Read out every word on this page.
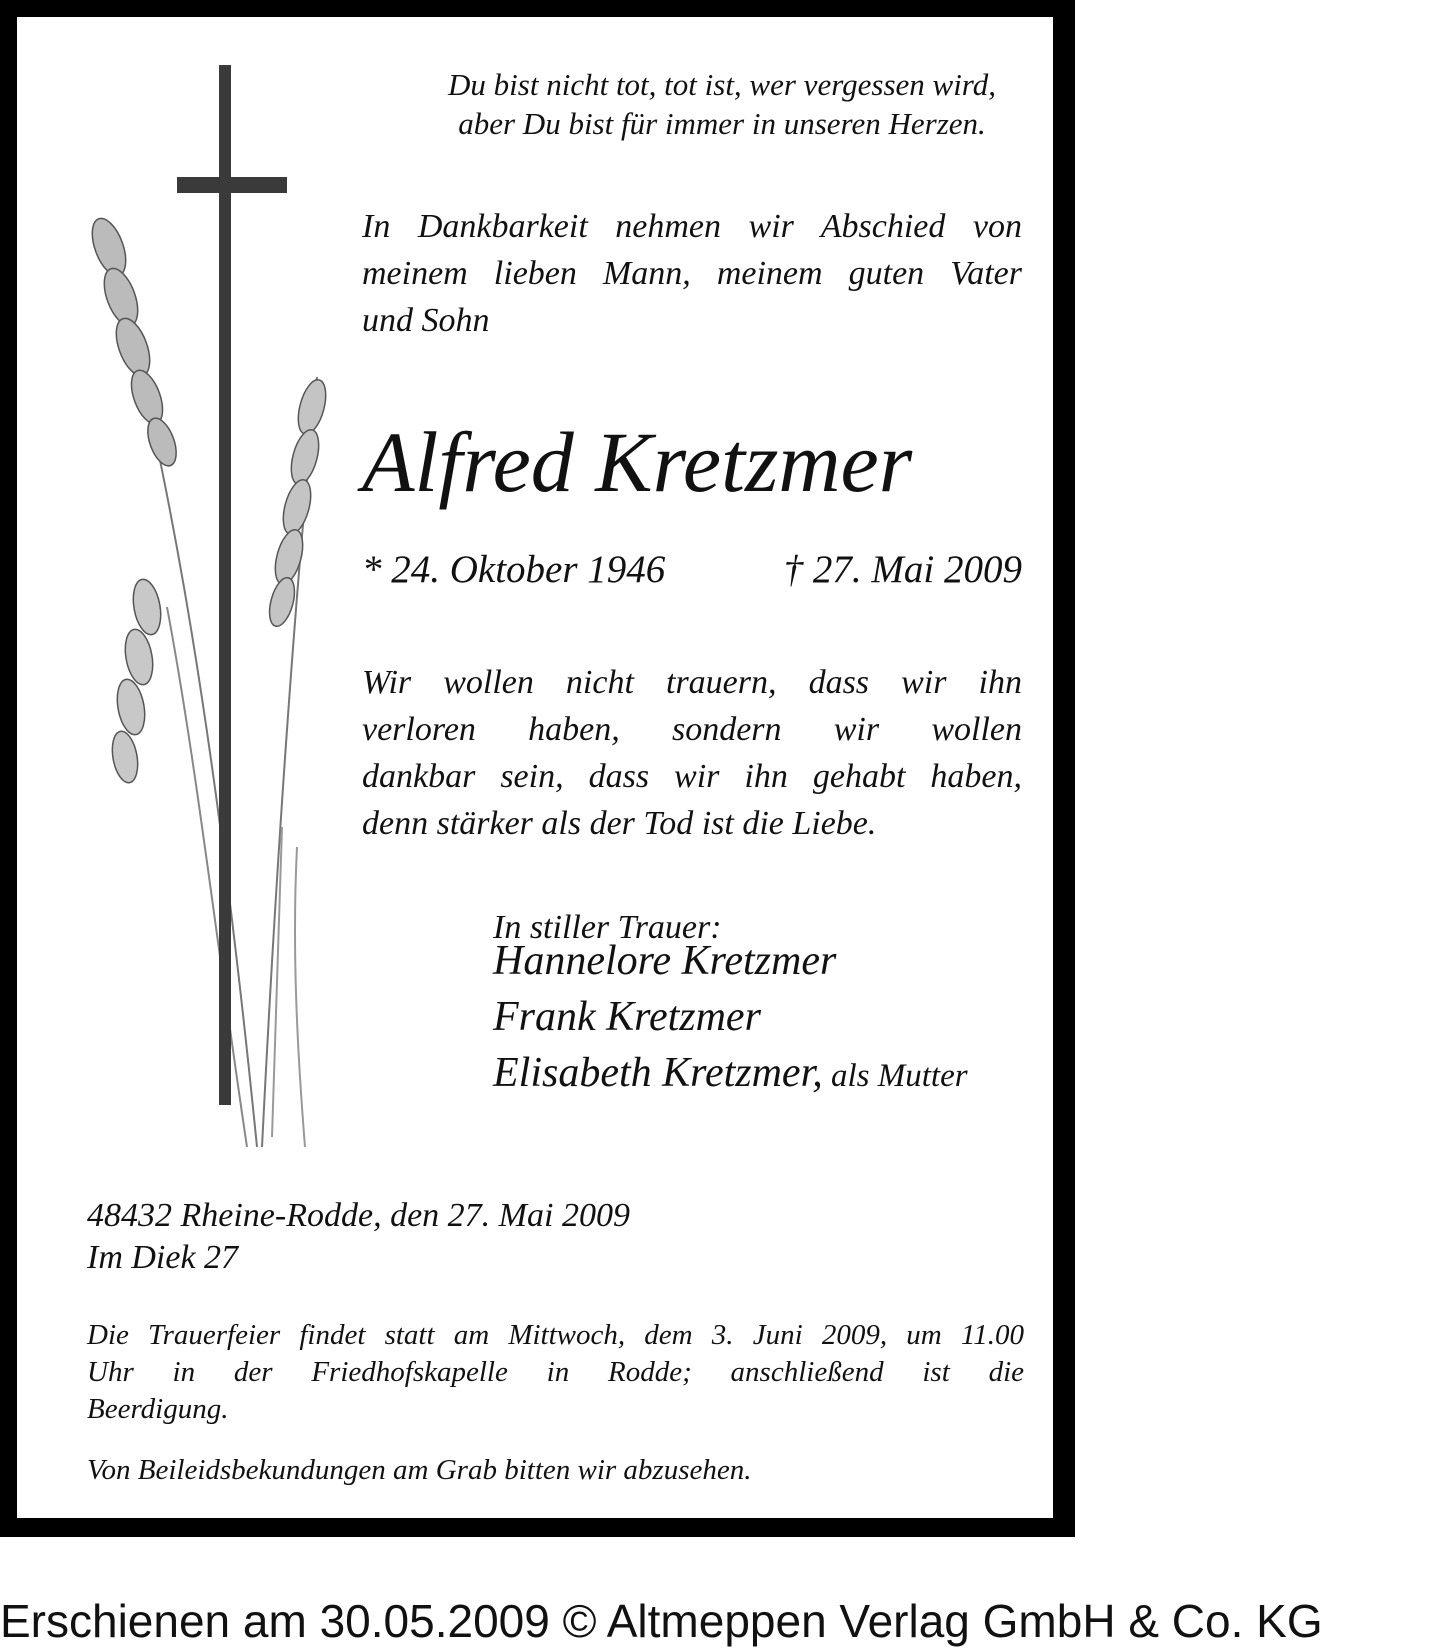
Du bist nicht tot, tot ist, wer vergessen wird,
aber Du bist für immer in unseren Herzen.

In Dankbarkeit nehmen wir Abschied von
meinem lieben Mann, meinem guten Vater
und Sohn

Alfred Kretzmer

* 24. Oktober 1946	† 27. Mai 2009

Wir wollen nicht trauern, dass wir ihn
verloren haben, sondern wir wollen
dankbar sein, dass wir ihn gehabt haben,
denn stärker als der Tod ist die Liebe.

In stiller Trauer:

Hannelore Kretzmer

Frank Kretzmer

Elisabeth Kretzmer, als Mutter

48432 Rheine-Rodde, den 27. Mai 2009
Im Diek 27

Die Trauerfeier findet statt am Mittwoch, dem 3. Juni 2009, um 11.00
Uhr in der Friedhofskapelle in Rodde; anschließend ist die
Beerdigung.

Von Beileidsbekundungen am Grab bitten wir abzusehen.

Erschienen am 30.05.2009 © Altmeppen Verlag GmbH & Co. KG
